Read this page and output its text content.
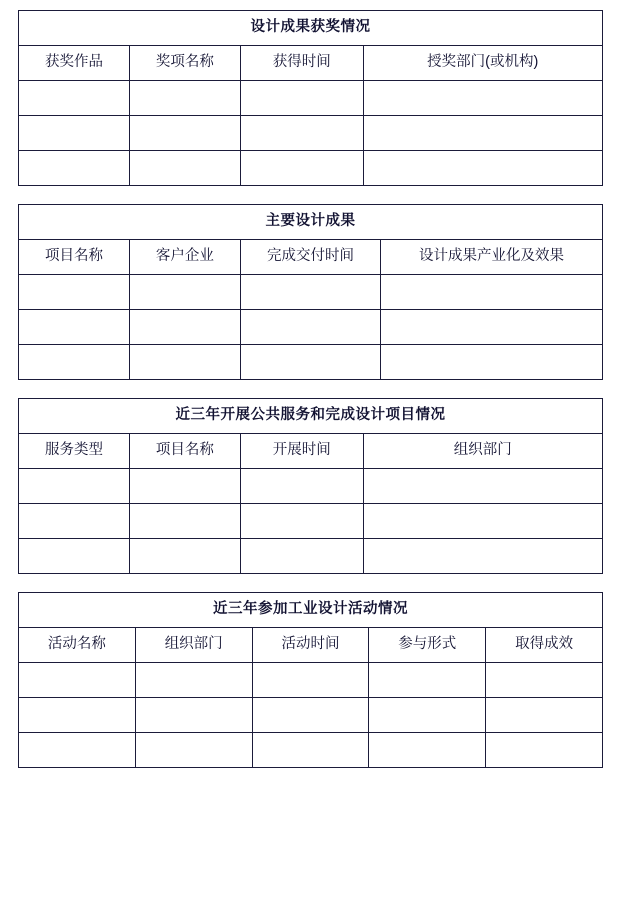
设计成果获奖情况			
获奖作品	奖项名称	获得时间	授奖部门(或机构)

主要设计成果			
项目名称	客户企业	完成交付时间	设计成果产业化及效果

近三年开展公共服务和完成设计项目情况			
服务类型	项目名称	开展时间	组织部门

近三年参加工业设计活动情况				
活动名称	组织部门	活动时间	参与形式	取得成效
